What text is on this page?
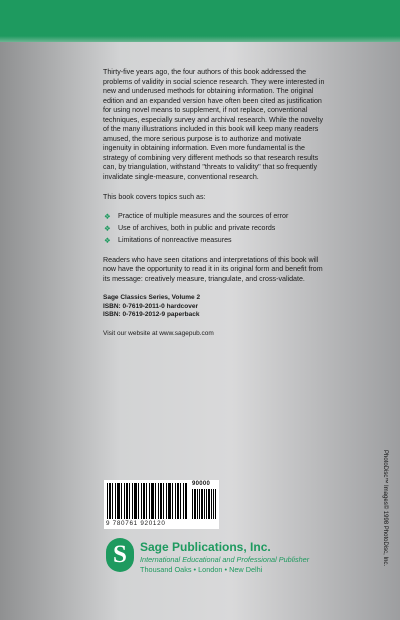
Thirty-five years ago, the four authors of this book addressed the problems of validity in social science research. They were interested in new and underused methods for obtaining information. The original edition and an expanded version have often been cited as justification for using novel means to supplement, if not replace, conventional techniques, especially survey and archival research. While the novelty of the many illustrations included in this book will keep many readers amused, the more serious purpose is to authorize and motivate ingenuity in obtaining information. Even more fundamental is the strategy of combining very different methods so that research results can, by triangulation, withstand "threats to validity" that so frequently invalidate single-measure, conventional research.

This book covers topics such as:

❖ Practice of multiple measures and the sources of error
❖ Use of archives, both in public and private records
❖ Limitations of nonreactive measures

Readers who have seen citations and interpretations of this book will now have the opportunity to read it in its original form and benefit from its message: creatively measure, triangulate, and cross-validate.

Sage Classics Series, Volume 2
ISBN: 0-7619-2011-0 hardcover
ISBN: 0-7619-2012-9 paperback

Visit our website at www.sagepub.com

90000
9 780761 920120
S	Sage Publications, Inc.
International Educational and Professional Publisher
Thousand Oaks • London • New Delhi
PhotoDisc™ Images© 1998 PhotoDisc, Inc.
